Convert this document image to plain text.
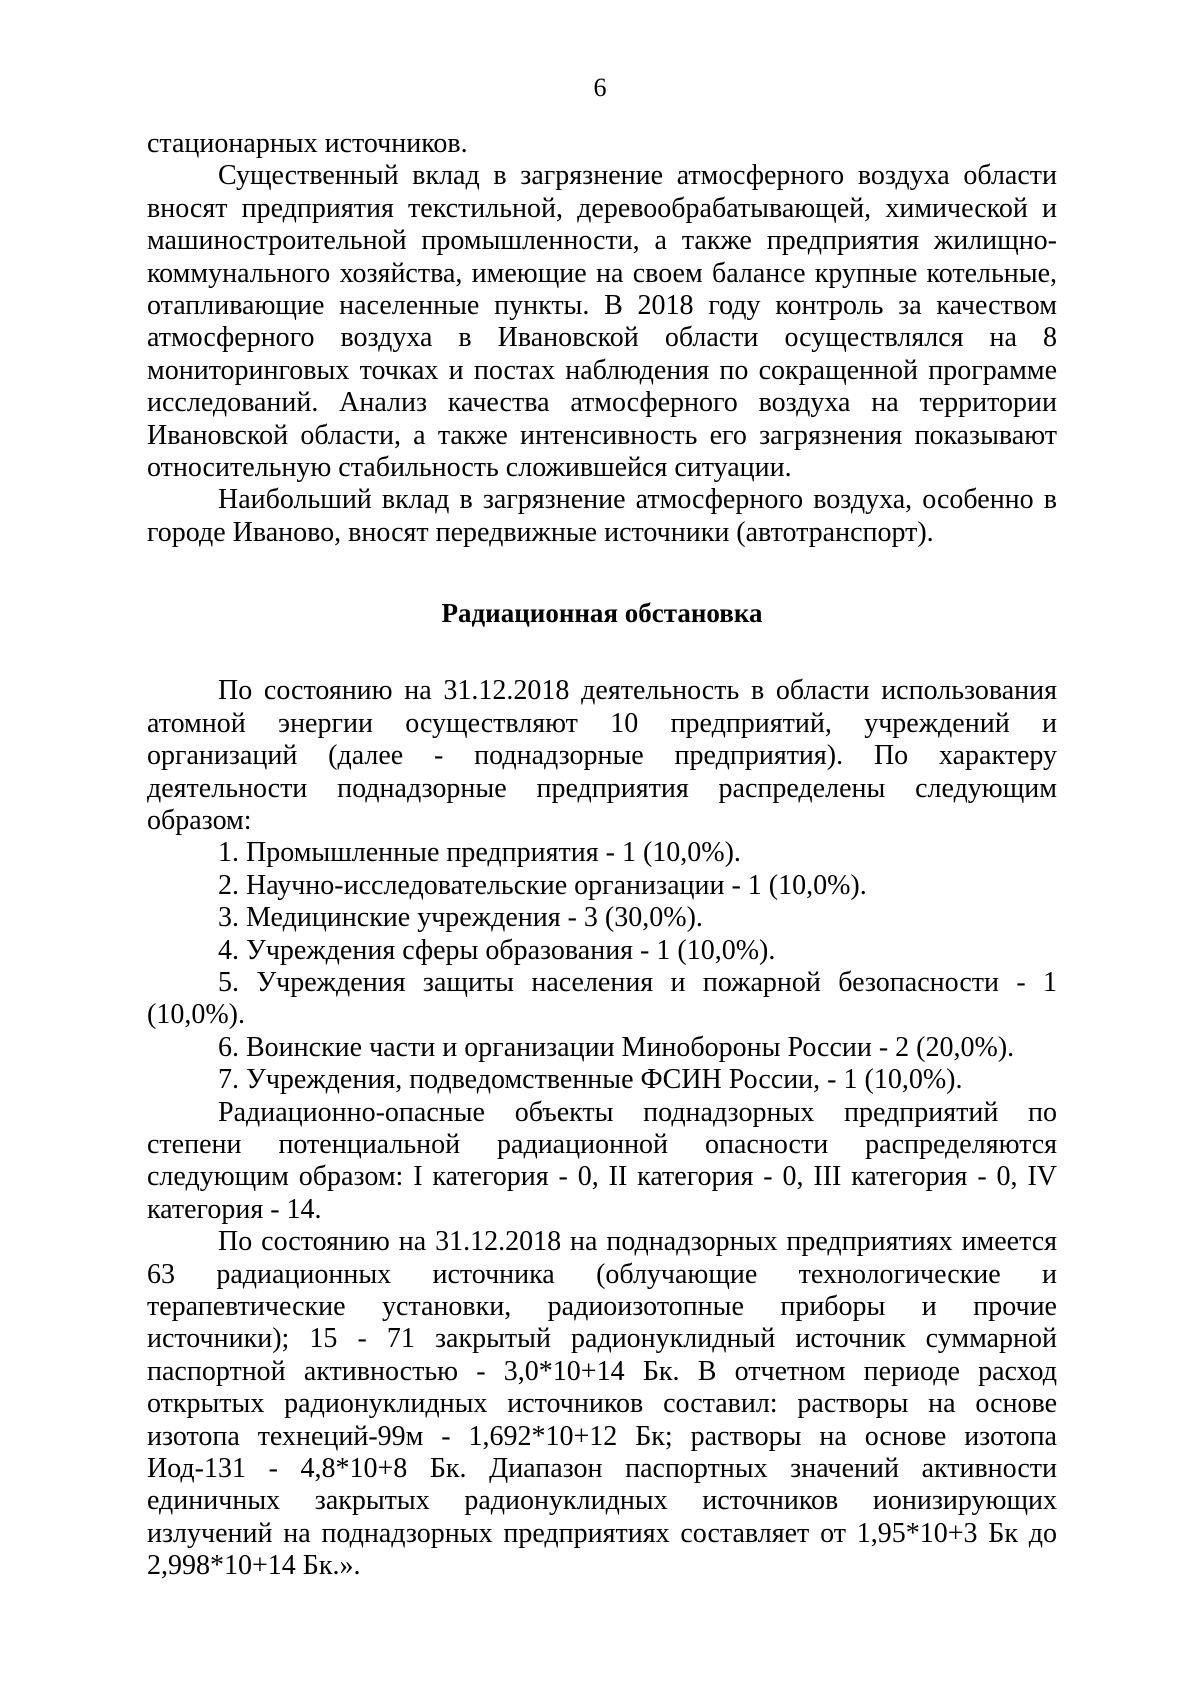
6

стационарных источников.

Существенный вклад в загрязнение атмосферного воздуха области вносят предприятия текстильной, деревообрабатывающей, химической и машиностроительной промышленности, а также предприятия жилищно-коммунального хозяйства, имеющие на своем балансе крупные котельные, отапливающие населенные пункты. В 2018 году контроль за качеством атмосферного воздуха в Ивановской области осуществлялся на 8 мониторинговых точках и постах наблюдения по сокращенной программе исследований. Анализ качества атмосферного воздуха на территории Ивановской области, а также интенсивность его загрязнения показывают относительную стабильность сложившейся ситуации.

Наибольший вклад в загрязнение атмосферного воздуха, особенно в городе Иваново, вносят передвижные источники (автотранспорт).

Радиационная обстановка

По состоянию на 31.12.2018 деятельность в области использования атомной энергии осуществляют 10 предприятий, учреждений и организаций (далее - поднадзорные предприятия). По характеру деятельности поднадзорные предприятия распределены следующим образом:

1. Промышленные предприятия - 1 (10,0%).

2. Научно-исследовательские организации - 1 (10,0%).

3. Медицинские учреждения - 3 (30,0%).

4. Учреждения сферы образования - 1 (10,0%).

5. Учреждения защиты населения и пожарной безопасности - 1 (10,0%).

6. Воинские части и организации Минобороны России - 2 (20,0%).

7. Учреждения, подведомственные ФСИН России, - 1 (10,0%).

Радиационно-опасные объекты поднадзорных предприятий по степени потенциальной радиационной опасности распределяются следующим образом: I категория - 0, II категория - 0, III категория - 0, IV категория - 14.

По состоянию на 31.12.2018 на поднадзорных предприятиях имеется 63 радиационных источника (облучающие технологические и терапевтические установки, радиоизотопные приборы и прочие источники); 15 - 71 закрытый радионуклидный источник суммарной паспортной активностью - 3,0*10+14 Бк. В отчетном периоде расход открытых радионуклидных источников составил: растворы на основе изотопа технеций-99м - 1,692*10+12 Бк; растворы на основе изотопа Иод-131 - 4,8*10+8 Бк. Диапазон паспортных значений активности единичных закрытых радионуклидных источников ионизирующих излучений на поднадзорных предприятиях составляет от 1,95*10+3 Бк до 2,998*10+14 Бк.».
